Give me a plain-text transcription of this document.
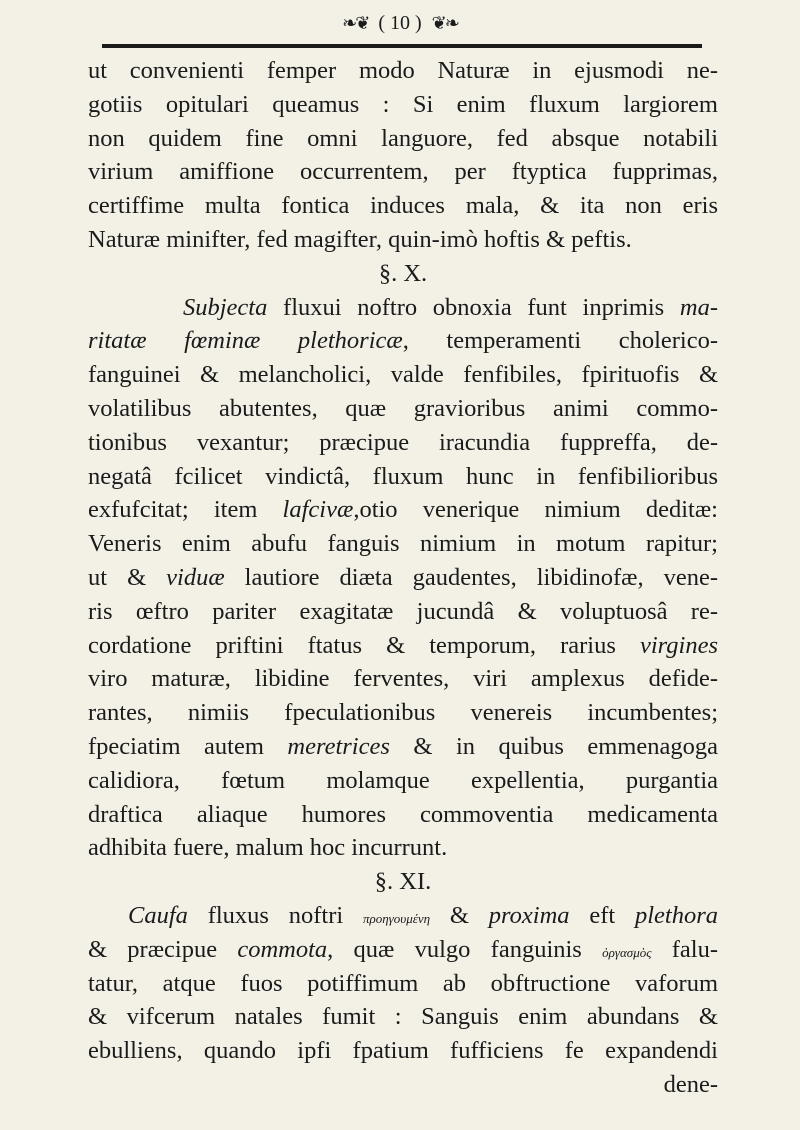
❧❦ ( 10 ) ❦❧
ut convenienti femper modo Naturæ in ejusmodi ne-
gotiis opitulari queamus : Si enim fluxum largiorem
non quidem fine omni languore, fed absque notabili
virium amiffione occurrentem, per ftyptica fupprimas,
certiffime multa fontica induces mala, & ita non eris
Naturæ minifter, fed magifter, quin-imò hoftis & peftis.
§. X.
Subjecta fluxui noftro obnoxia funt inprimis ma-
ritatæ fœminæ plethoricæ, temperamenti cholerico-
fanguinei & melancholici, valde fenfibiles, fpirituofis &
volatilibus abutentes, quæ gravioribus animi commo-
tionibus vexantur; præcipue iracundia fuppreffa, de-
negatâ fcilicet vindictâ, fluxum hunc in fenfibilioribus
exfufcitat; item lafcivæ,otio venerique nimium deditæ:
Veneris enim abufu fanguis nimium in motum rapitur;
ut & viduæ lautiore diæta gaudentes, libidinofæ, vene-
ris œftro pariter exagitatæ jucundâ & voluptuosâ re-
cordatione priftini ftatus & temporum, rarius virgines
viro maturæ, libidine ferventes, viri amplexus defide-
rantes, nimiis fpeculationibus venereis incumbentes;
fpeciatim autem meretrices & in quibus emmenagoga
calidiora, fœtum molamque expellentia, purgantia
draftica aliaque humores commoventia medicamenta
adhibita fuere, malum hoc incurrunt.
§. XI.
Caufa fluxus noftri πρoηγουμένη & proxima eft plethora
& præcipue commota, quæ vulgo fanguinis ὀργασμὸς falu-
tatur, atque fuos potiffimum ab obftructione vaforum
& vifcerum natales fumit : Sanguis enim abundans &
ebulliens, quando ipfi fpatium fufficiens fe expandendi
dene-
